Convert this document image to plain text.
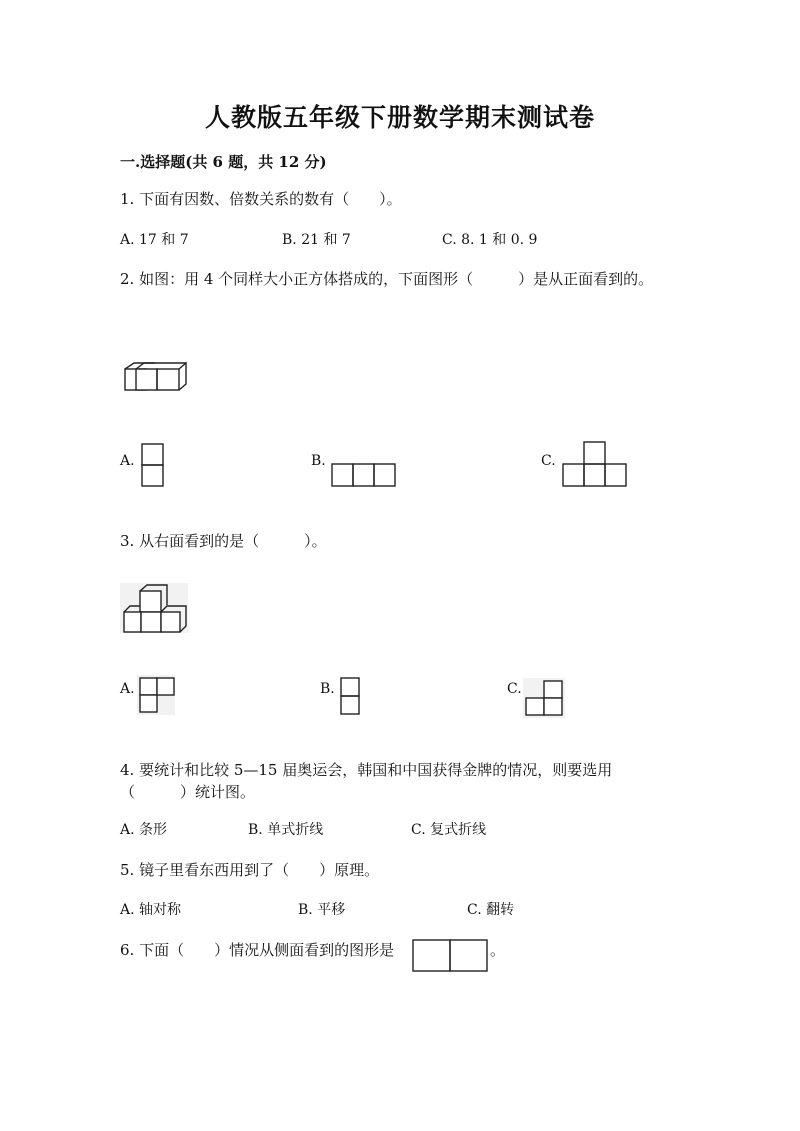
人教版五年级下册数学期末测试卷
一.选择题(共 6 题，共 12 分)
1. 下面有因数、倍数关系的数有（　　）。
A. 17 和 7	B. 21 和 7	C. 8. 1 和 0. 9
2. 如图：用 4 个同样大小正方体搭成的，下面图形（　　　）是从正面看到的。
A.	B.	C.
3. 从右面看到的是（　　　）。
A.	B.	C.
4. 要统计和比较 5—15 届奥运会，韩国和中国获得金牌的情况，则要选用
（　　　）统计图。
A. 条形	B. 单式折线	C. 复式折线
5. 镜子里看东西用到了（　　）原理。
A. 轴对称	B. 平移	C. 翻转
6. 下面（　　）情况从侧面看到的图形是	。
